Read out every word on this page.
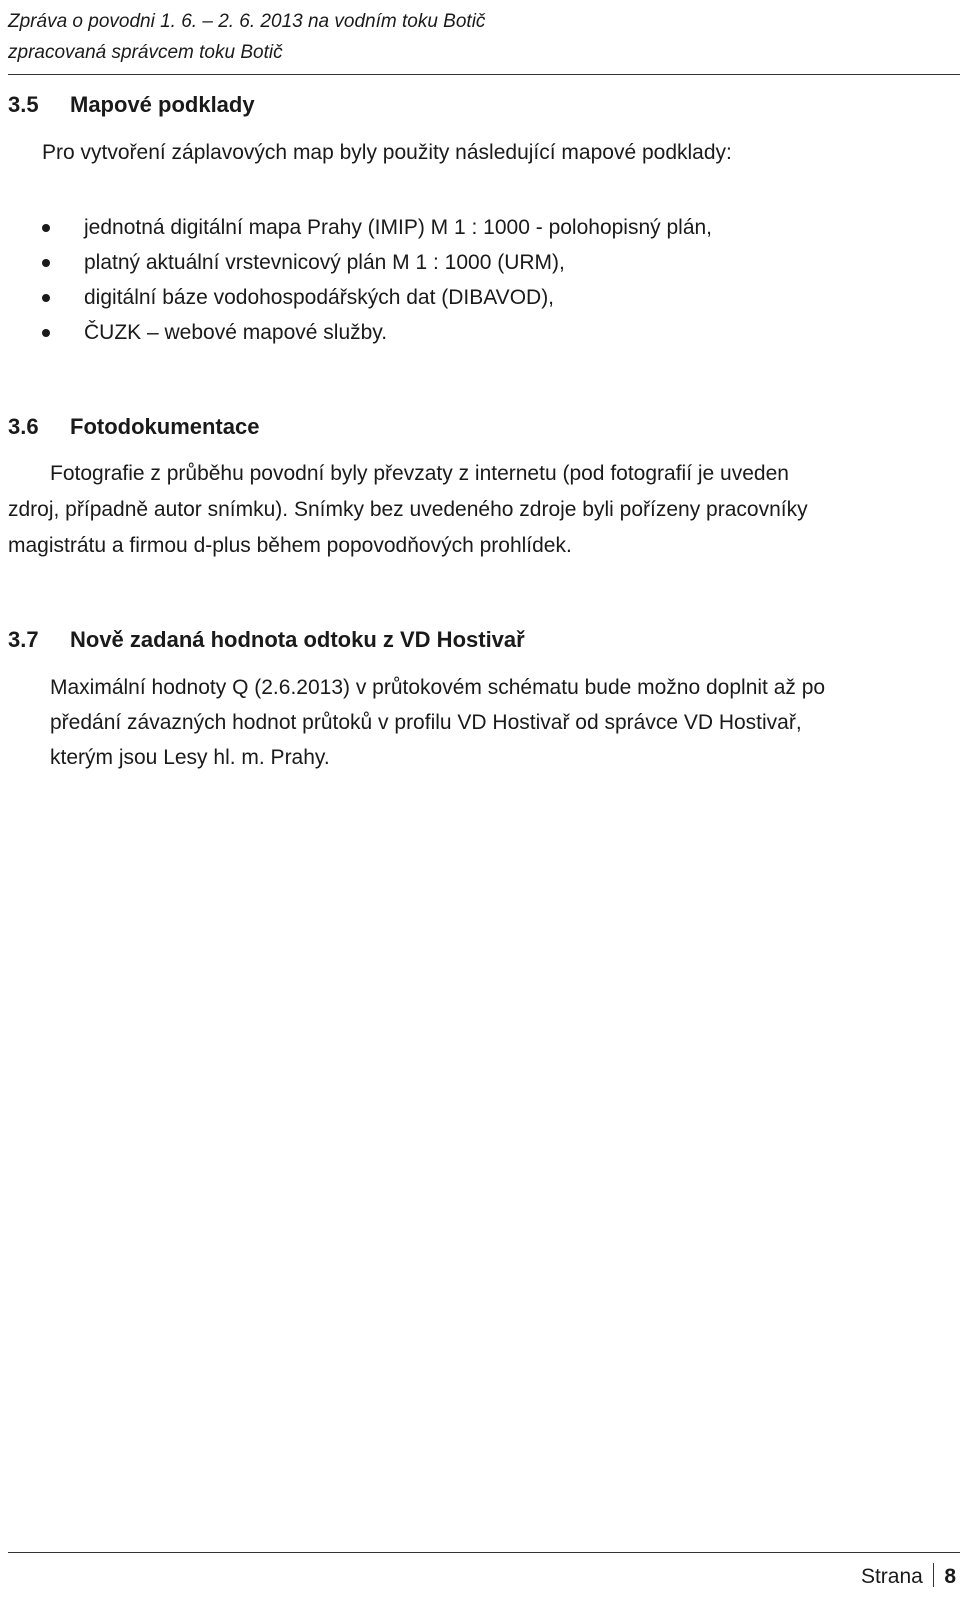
Zpráva o povodni 1. 6. – 2. 6. 2013 na vodním toku Botič
zpracovaná správcem toku Botič
3.5 Mapové podklady
Pro vytvoření záplavových map byly použity následující mapové podklady:
jednotná digitální mapa Prahy (IMIP) M 1 : 1000 - polohopisný plán,
platný aktuální vrstevnicový plán M 1 : 1000 (URM),
digitální báze vodohospodářských dat (DIBAVOD),
ČUZK – webové mapové služby.
3.6 Fotodokumentace
Fotografie z průběhu povodní byly převzaty z internetu (pod fotografií je uveden
zdroj, případně autor snímku). Snímky bez uvedeného zdroje byli pořízeny pracovníky
magistrátu a firmou d-plus během popovodňových prohlídek.
3.7 Nově zadaná hodnota odtoku z VD Hostivař
Maximální hodnoty Q (2.6.2013) v průtokovém schématu bude možno doplnit až po
předání závazných hodnot průtoků v profilu VD Hostivař od správce VD Hostivař,
kterým jsou Lesy hl. m. Prahy.
Strana 8
